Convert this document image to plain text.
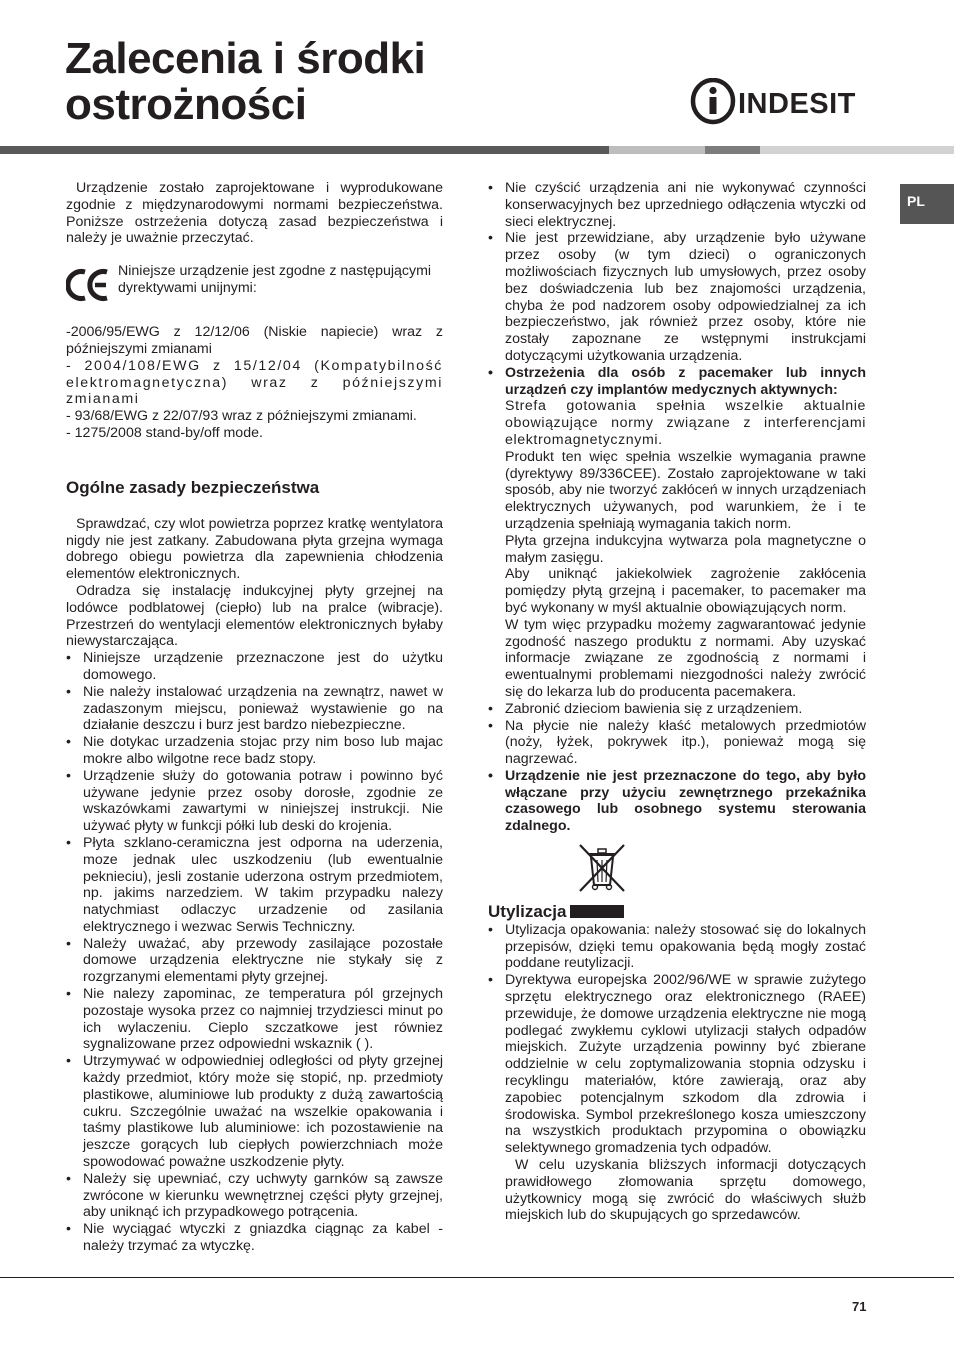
Zalecenia i środki
ostrożności	INDESIT
PL

Urządzenie zostało zaprojektowane i wyprodukowane zgodnie z międzynarodowymi normami bezpieczeństwa. Poniższe ostrzeżenia dotyczą zasad bezpieczeństwa i należy je uważnie przeczytać.

Niniejsze urządzenie jest zgodne z następującymi dyrektywami unijnymi:

-2006/95/EWG z 12/12/06 (Niskie napiecie) wraz z późniejszymi zmianami

- 2004/108/EWG z 15/12/04 (Kompatybilność elektromagnetyczna) wraz z późniejszymi zmianami

- 93/68/EWG z 22/07/93 wraz z późniejszymi zmianami.

- 1275/2008 stand-by/off mode.

Ogólne zasady bezpieczeństwa

Sprawdzać, czy wlot powietrza poprzez kratkę wentylatora nigdy nie jest zatkany. Zabudowana płyta grzejna wymaga dobrego obiegu powietrza dla zapewnienia chłodzenia elementów elektronicznych.

Odradza się instalację indukcyjnej płyty grzejnej na lodówce podblatowej (ciepło) lub na pralce (wibracje). Przestrzeń do wentylacji elementów elektronicznych byłaby niewystarczająca.

• Niniejsze urządzenie przeznaczone jest do użytku domowego.
• Nie należy instalować urządzenia na zewnątrz, nawet w zadaszonym miejscu, ponieważ wystawienie go na działanie deszczu i burz jest bardzo niebezpieczne.
• Nie dotykac urzadzenia stojac przy nim boso lub majac mokre albo wilgotne rece badz stopy.
• Urządzenie służy do gotowania potraw i powinno być używane jedynie przez osoby dorosłe, zgodnie ze wskazówkami zawartymi w niniejszej instrukcji. Nie używać płyty w funkcji półki lub deski do krojenia.
• Płyta szklano-ceramiczna jest odporna na uderzenia, moze jednak ulec uszkodzeniu (lub ewentualnie peknieciu), jesli zostanie uderzona ostrym przedmiotem, np. jakims narzedziem. W takim przypadku nalezy natychmiast odlaczyc urzadzenie od zasilania elektrycznego i wezwac Serwis Techniczny.
• Należy uważać, aby przewody zasilające pozostałe domowe urządzenia elektryczne nie stykały się z rozgrzanymi elementami płyty grzejnej.
• Nie nalezy zapominac, ze temperatura pól grzejnych pozostaje wysoka przez co najmniej trzydziesci minut po ich wylaczeniu. Cieplo szczatkowe jest równiez sygnalizowane przez odpowiedni wskaznik ( ).
• Utrzymywać w odpowiedniej odległości od płyty grzejnej każdy przedmiot, który może się stopić, np. przedmioty plastikowe, aluminiowe lub produkty z dużą zawartością cukru. Szczególnie uważać na wszelkie opakowania i taśmy plastikowe lub aluminiowe: ich pozostawienie na jeszcze gorących lub ciepłych powierzchniach może spowodować poważne uszkodzenie płyty.
• Należy się upewniać, czy uchwyty garnków są zawsze zwrócone w kierunku wewnętrznej części płyty grzejnej, aby uniknąć ich przypadkowego potrącenia.
• Nie wyciągać wtyczki z gniazdka ciągnąc za kabel - należy trzymać za wtyczkę.
• Nie czyścić urządzenia ani nie wykonywać czynności konserwacyjnych bez uprzedniego odłączenia wtyczki od sieci elektrycznej.
• Nie jest przewidziane, aby urządzenie było używane przez osoby (w tym dzieci) o ograniczonych możliwościach fizycznych lub umysłowych, przez osoby bez doświadczenia lub bez znajomości urządzenia, chyba że pod nadzorem osoby odpowiedzialnej za ich bezpieczeństwo, jak również przez osoby, które nie zostały zapoznane ze wstępnymi instrukcjami dotyczącymi użytkowania urządzenia.
• Ostrzeżenia dla osób z pacemaker lub innych urządzeń czy implantów medycznych aktywnych:

Strefa gotowania spełnia wszelkie aktualnie obowiązujące normy związane z interferencjami elektromagnetycznymi.

Produkt ten więc spełnia wszelkie wymagania prawne (dyrektywy 89/336CEE). Zostało zaprojektowane w taki sposób, aby nie tworzyć zakłóceń w innych urządzeniach elektrycznych używanych, pod warunkiem, że i te urządzenia spełniają wymagania takich norm.

Płyta grzejna indukcyjna wytwarza pola magnetyczne o małym zasięgu.

Aby uniknąć jakiekolwiek zagrożenie zakłócenia pomiędzy płytą grzejną i pacemaker, to pacemaker ma być wykonany w myśl aktualnie obowiązujących norm.

W tym więc przypadku możemy zagwarantować jedynie zgodność naszego produktu z normami. Aby uzyskać informacje związane ze zgodnością z normami i ewentualnymi problemami niezgodności należy zwrócić się do lekarza lub do producenta pacemakera.

• Zabronić dzieciom bawienia się z urządzeniem.
• Na płycie nie należy kłaść metalowych przedmiotów (noży, łyżek, pokrywek itp.), ponieważ mogą się nagrzewać.
• Urządzenie nie jest przeznaczone do tego, aby było włączane przy użyciu zewnętrznego przekaźnika czasowego lub osobnego systemu sterowania zdalnego.
Utylizacja
• Utylizacja opakowania: należy stosować się do lokalnych przepisów, dzięki temu opakowania będą mogły zostać poddane reutylizacji.
• Dyrektywa europejska 2002/96/WE w sprawie zużytego sprzętu elektrycznego oraz elektronicznego (RAEE) przewiduje, że domowe urządzenia elektryczne nie mogą podlegać zwykłemu cyklowi utylizacji stałych odpadów miejskich. Zużyte urządzenia powinny być zbierane oddzielnie w celu zoptymalizowania stopnia odzysku i recyklingu materiałów, które zawierają, oraz aby zapobiec potencjalnym szkodom dla zdrowia i środowiska. Symbol przekreślonego kosza umieszczony na wszystkich produktach przypomina o obowiązku selektywnego gromadzenia tych odpadów.

W celu uzyskania bliższych informacji dotyczących prawidłowego złomowania sprzętu domowego, użytkownicy mogą się zwrócić do właściwych służb miejskich lub do skupujących go sprzedawców.

71
